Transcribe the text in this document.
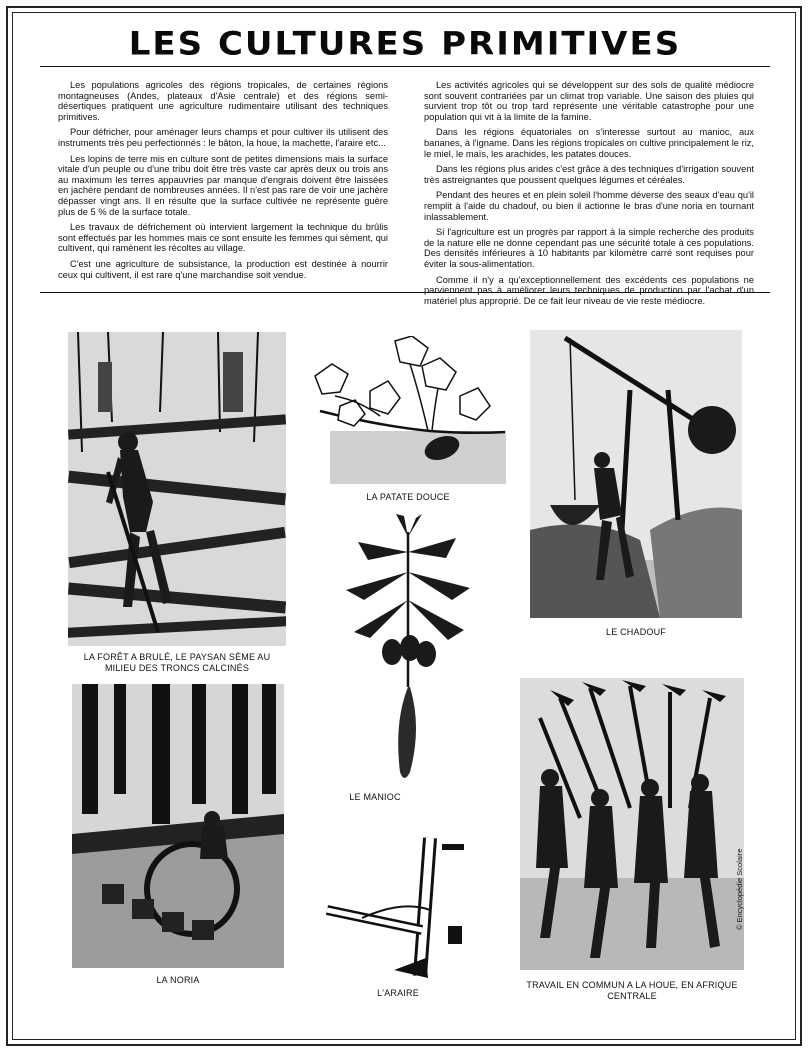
LES CULTURES PRIMITIVES

Les populations agricoles des régions tropicales, de certaines régions montagneuses (Andes, plateaux d'Asie centrale) et des régions semi-désertiques pratiquent une agriculture rudimentaire utilisant des techniques primitives.

Pour défricher, pour aménager leurs champs et pour cultiver ils utilisent des instruments très peu perfectionnés : le bâton, la houe, la machette, l'araire etc...

Les lopins de terre mis en culture sont de petites dimensions mais la surface vitale d'un peuple ou d'une tribu doit être très vaste car après deux ou trois ans au maximum les terres appauvries par manque d'engrais doivent être laissées en jachère pendant de nombreuses années. Il n'est pas rare de voir une jachère dépasser vingt ans. Il en résulte que la surface cultivée ne représente guère plus de 5 % de la surface totale.

Les travaux de défrichement où intervient largement la technique du brûlis sont effectués par les hommes mais ce sont ensuite les femmes qui sèment, qui cultivent, qui ramènent les récoltes au village.

C'est une agriculture de subsistance, la production est destinée à nourrir ceux qui cultivent, il est rare q'une marchandise soit vendue.

Les activités agricoles qui se développent sur des sols de qualité médiocre sont souvent contrariées par un climat trop variable. Une saison des pluies qui survient trop tôt ou trop tard représente une véritable catastrophe pour une population qui vit à la limite de la famine.

Dans les régions équatoriales on s'interesse surtout au manioc, aux bananes, à l'igname. Dans les régions tropicales on cultive principalement le riz, le miel, le maïs, les arachides, les patates douces.

Dans les régions plus arides c'est grâce à des techniques d'irrigation souvent très astreignantes que poussent quelques légumes et céréales.

Pendant des heures et en plein soleil l'homme déverse des seaux d'eau qu'il remplit à l'aide du chadouf, ou bien il actionne le bras d'une noria en tournant inlassablement.

Si l'agriculture est un progrès par rapport à la simple recherche des produits de la nature elle ne donne cependant pas une sécurité totale à ces populations. Des densités inférieures à 10 habitants par kilomètre carré sont requises pour éviter la sous-alimentation.

Comme il n'y a qu'exceptionnellement des excédents ces populations ne parviennent pas à améliorer leurs techniques de production par l'achat d'un matériel plus approprié. De ce fait leur niveau de vie reste médiocre.

LA FORÊT A BRULÉ, LE PAYSAN SÈME AU MILIEU DES TRONCS CALCINÉS
LA PATATE DOUCE
LE CHADOUF
LE MANIOC
LA NORIA
L'ARAIRE
TRAVAIL EN COMMUN A LA HOUE, EN AFRIQUE CENTRALE
© Encyclopédie Scolaire
